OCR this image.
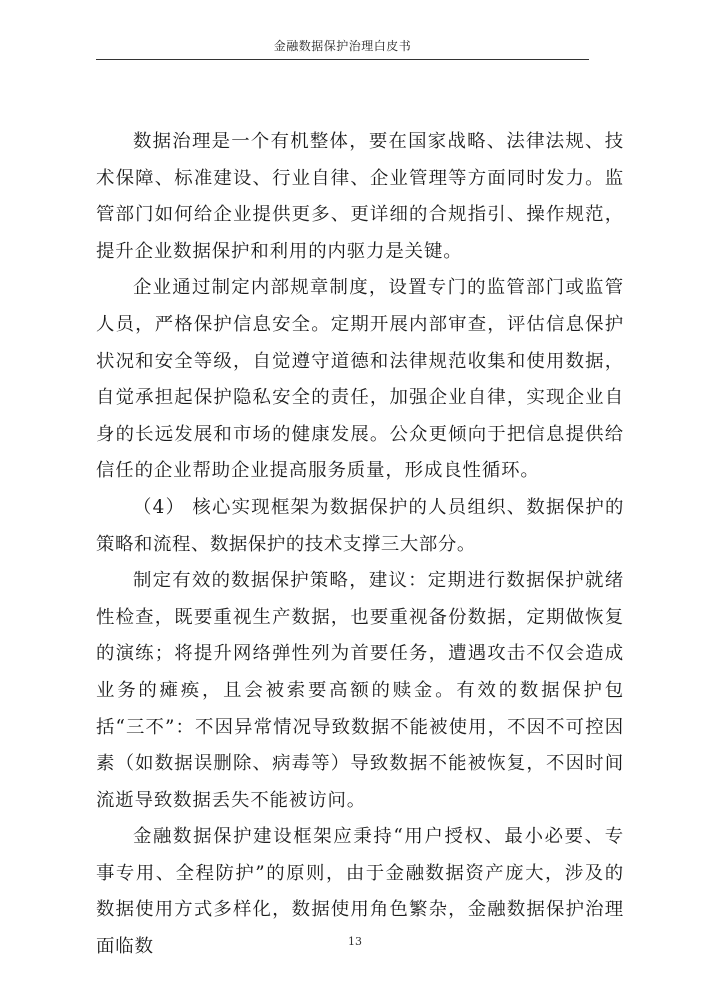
金融数据保护治理白皮书

数据治理是一个有机整体，要在国家战略、法律法规、技术保障、标准建设、行业自律、企业管理等方面同时发力。监管部门如何给企业提供更多、更详细的合规指引、操作规范，提升企业数据保护和利用的内驱力是关键。

企业通过制定内部规章制度，设置专门的监管部门或监管人员，严格保护信息安全。定期开展内部审查，评估信息保护状况和安全等级，自觉遵守道德和法律规范收集和使用数据，自觉承担起保护隐私安全的责任，加强企业自律，实现企业自身的长远发展和市场的健康发展。公众更倾向于把信息提供给信任的企业帮助企业提高服务质量，形成良性循环。

（4） 核心实现框架为数据保护的人员组织、数据保护的策略和流程、数据保护的技术支撑三大部分。

制定有效的数据保护策略，建议：定期进行数据保护就绪性检查，既要重视生产数据，也要重视备份数据，定期做恢复的演练；将提升网络弹性列为首要任务，遭遇攻击不仅会造成业务的瘫痪，且会被索要高额的赎金。有效的数据保护包括“三不”：不因异常情况导致数据不能被使用，不因不可控因素（如数据误删除、病毒等）导致数据不能被恢复，不因时间流逝导致数据丢失不能被访问。

金融数据保护建设框架应秉持“用户授权、最小必要、专事专用、全程防护”的原则，由于金融数据资产庞大，涉及的数据使用方式多样化，数据使用角色繁杂，金融数据保护治理面临数	13
